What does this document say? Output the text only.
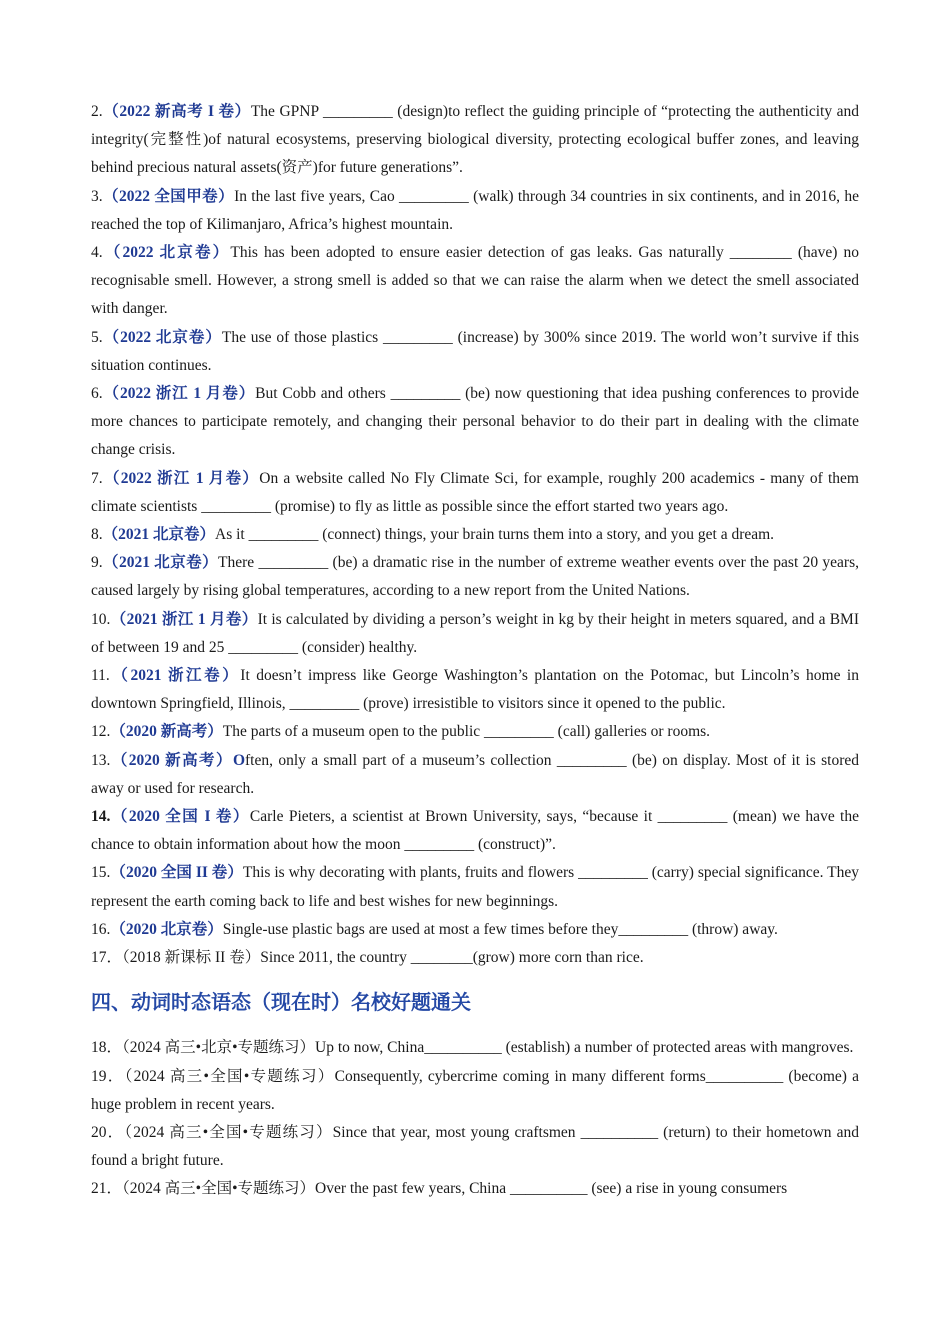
2.（2022 新高考 I 卷）The GPNP _________ (design)to reflect the guiding principle of “protecting the authenticity and integrity(完整性)of natural ecosystems, preserving biological diversity, protecting ecological buffer zones, and leaving behind precious natural assets(资产)for future generations”.

3.（2022 全国甲卷）In the last five years, Cao _________ (walk) through 34 countries in six continents, and in 2016, he reached the top of Kilimanjaro, Africa’s highest mountain.

4.（2022 北京卷）This has been adopted to ensure easier detection of gas leaks. Gas naturally ________ (have) no recognisable smell. However, a strong smell is added so that we can raise the alarm when we detect the smell associated with danger.

5.（2022 北京卷）The use of those plastics _________ (increase) by 300% since 2019. The world won’t survive if this situation continues.

6.（2022 浙江 1 月卷）But Cobb and others _________ (be) now questioning that idea pushing conferences to provide more chances to participate remotely, and changing their personal behavior to do their part in dealing with the climate change crisis.

7.（2022 浙江 1 月卷）On a website called No Fly Climate Sci, for example, roughly 200 academics - many of them climate scientists _________ (promise) to fly as little as possible since the effort started two years ago.

8.（2021 北京卷）As it _________ (connect) things, your brain turns them into a story, and you get a dream.

9.（2021 北京卷）There _________ (be) a dramatic rise in the number of extreme weather events over the past 20 years, caused largely by rising global temperatures, according to a new report from the United Nations.

10.（2021 浙江 1 月卷）It is calculated by dividing a person’s weight in kg by their height in meters squared, and a BMI of between 19 and 25 _________ (consider) healthy.

11.（2021 浙江卷）It doesn’t impress like George Washington’s plantation on the Potomac, but Lincoln’s home in downtown Springfield, Illinois, _________ (prove) irresistible to visitors since it opened to the public.

12.（2020 新高考）The parts of a museum open to the public _________ (call) galleries or rooms.

13.（2020 新高考）Often, only a small part of a museum’s collection _________ (be) on display. Most of it is stored away or used for research.

14.（2020 全国 I 卷）Carle Pieters, a scientist at Brown University, says, “because it _________ (mean) we have the chance to obtain information about how the moon _________ (construct)”.

15.（2020 全国 II 卷）This is why decorating with plants, fruits and flowers _________ (carry) special significance. They represent the earth coming back to life and best wishes for new beginnings.

16.（2020 北京卷）Single-use plastic bags are used at most a few times before they_________ (throw) away.

17．（2018 新课标 II 卷）Since 2011, the country ________(grow) more corn than rice.

四、动词时态语态（现在时）名校好题通关

18．（2024 高三•北京•专题练习）Up to now, China__________ (establish) a number of protected areas with mangroves.

19．（2024 高三•全国•专题练习）Consequently, cybercrime coming in many different forms__________ (become) a huge problem in recent years.

20．（2024 高三•全国•专题练习）Since that year, most young craftsmen __________ (return) to their hometown and found a bright future.

21．（2024 高三•全国•专题练习）Over the past few years, China __________ (see) a rise in young consumers
